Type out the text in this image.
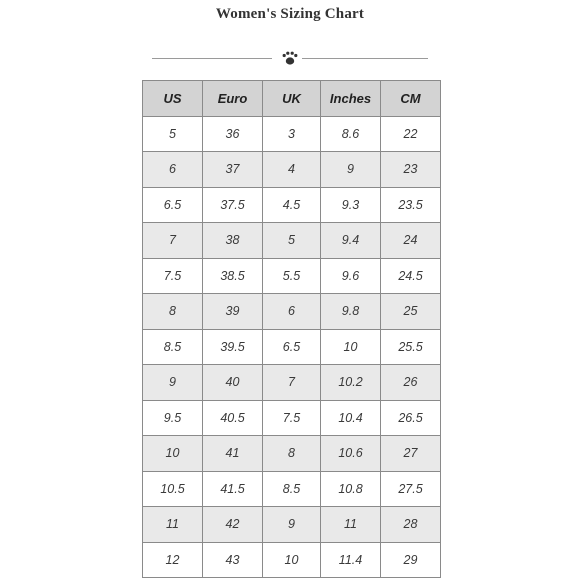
Women's Sizing Chart
US	Euro	UK	Inches	CM
5	36	3	8.6	22
6	37	4	9	23
6.5	37.5	4.5	9.3	23.5
7	38	5	9.4	24
7.5	38.5	5.5	9.6	24.5
8	39	6	9.8	25
8.5	39.5	6.5	10	25.5
9	40	7	10.2	26
9.5	40.5	7.5	10.4	26.5
10	41	8	10.6	27
10.5	41.5	8.5	10.8	27.5
11	42	9	11	28
12	43	10	11.4	29
